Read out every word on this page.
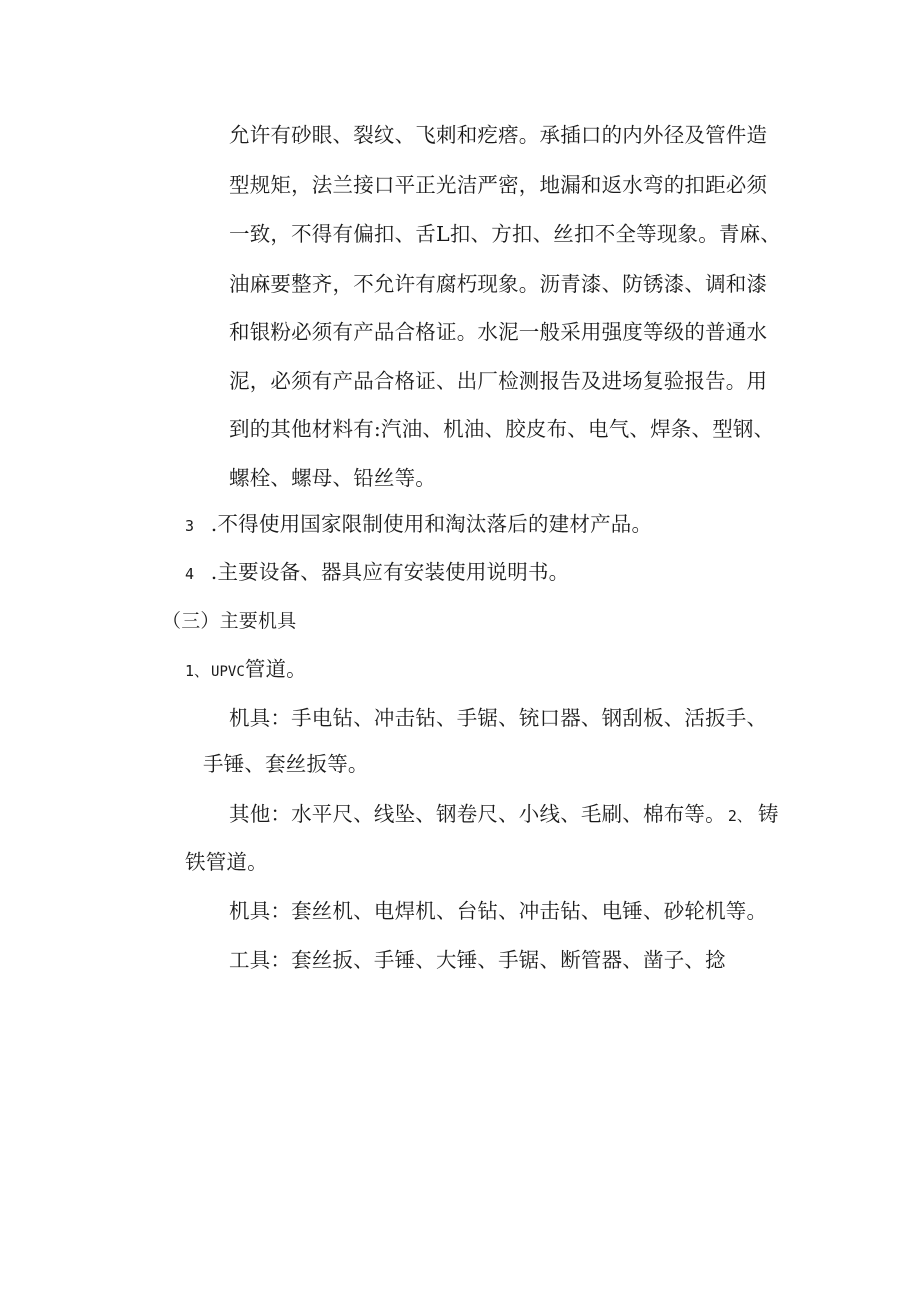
允许有砂眼、裂纹、飞刺和疙瘩。承插口的内外径及管件造
型规矩，法兰接口平正光洁严密，地漏和返水弯的扣距必须
一致，不得有偏扣、舌L扣、方扣、丝扣不全等现象。青麻、
油麻要整齐，不允许有腐朽现象。沥青漆、防锈漆、调和漆
和银粉必须有产品合格证。水泥一般采用强度等级的普通水
泥，必须有产品合格证、出厂检测报告及进场复验报告。用
到的其他材料有:汽油、机油、胶皮布、电气、焊条、型钢、
螺栓、螺母、铅丝等。
3 .不得使用国家限制使用和淘汰落后的建材产品。
4 .主要设备、器具应有安装使用说明书。
（三）主要机具
1、 UPVC管道。
机具：手电钻、冲击钻、手锯、铳口器、钢刮板、活扳手、
手锤、套丝扳等。
其他：水平尺、线坠、钢卷尺、小线、毛刷、棉布等。 2、 铸
铁管道。
机具：套丝机、电焊机、台钻、冲击钻、电锤、砂轮机等。
工具：套丝扳、手锤、大锤、手锯、断管器、凿子、捻
